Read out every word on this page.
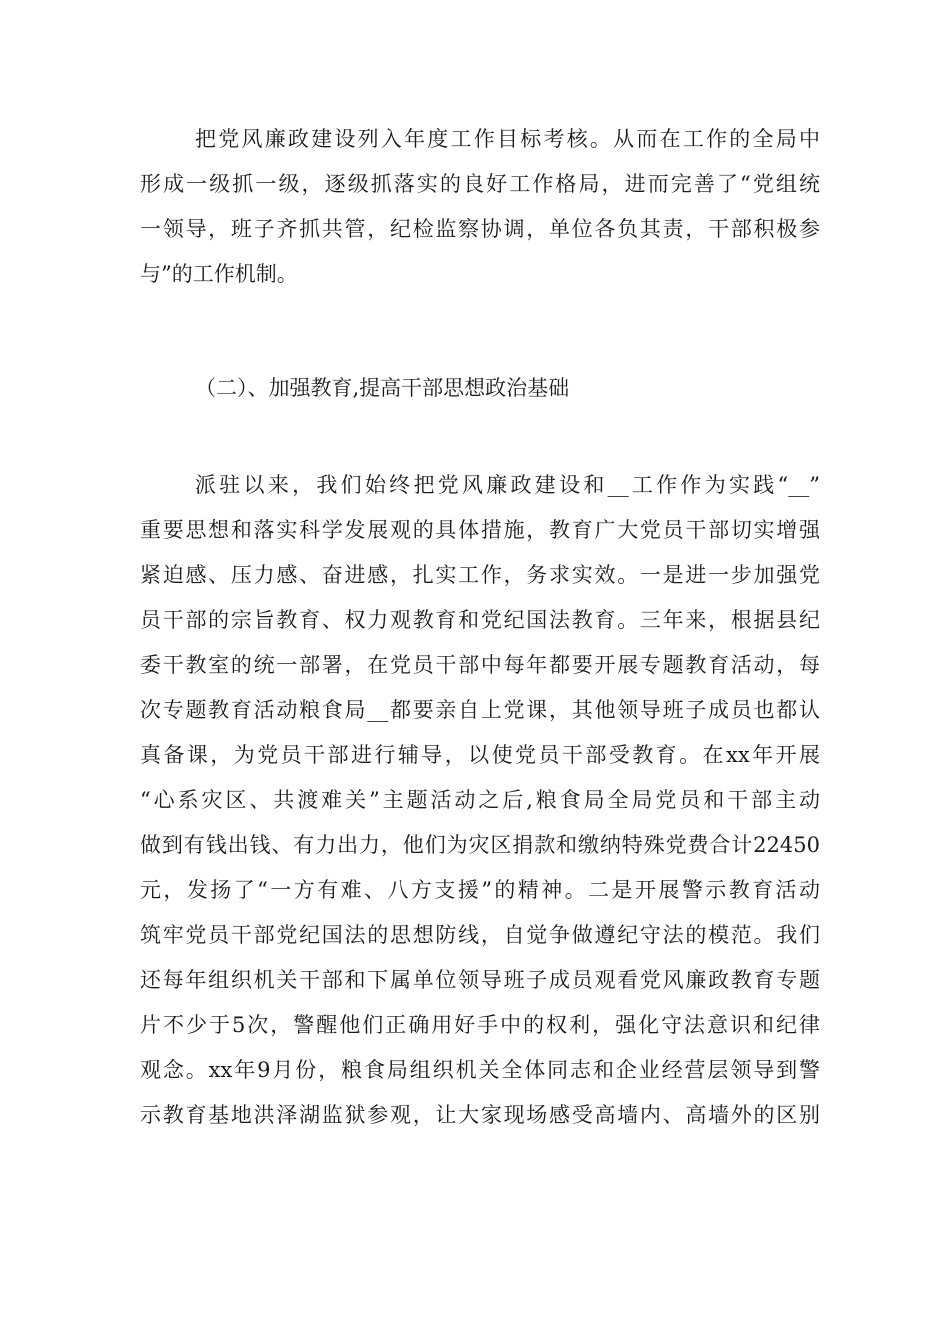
把党风廉政建设列入年度工作目标考核。从而在工作的全局中
形成一级抓一级，逐级抓落实的良好工作格局，进而完善了“党组统
一领导，班子齐抓共管，纪检监察协调，单位各负其责，干部积极参
与”的工作机制。
（二）、加强教育,提高干部思想政治基础
派驻以来，我们始终把党风廉政建设和__工作作为实践“__”
重要思想和落实科学发展观的具体措施，教育广大党员干部切实增强
紧迫感、压力感、奋进感，扎实工作，务求实效。一是进一步加强党
员干部的宗旨教育、权力观教育和党纪国法教育。三年来，根据县纪
委干教室的统一部署，在党员干部中每年都要开展专题教育活动，每
次专题教育活动粮食局__都要亲自上党课，其他领导班子成员也都认
真备课，为党员干部进行辅导，以使党员干部受教育。在xx年开展
“心系灾区、共渡难关”主题活动之后,粮食局全局党员和干部主动
做到有钱出钱、有力出力，他们为灾区捐款和缴纳特殊党费合计22450
元，发扬了“一方有难、八方支援”的精神。二是开展警示教育活动
筑牢党员干部党纪国法的思想防线，自觉争做遵纪守法的模范。我们
还每年组织机关干部和下属单位领导班子成员观看党风廉政教育专题
片不少于5次，警醒他们正确用好手中的权利，强化守法意识和纪律
观念。xx年9月份，粮食局组织机关全体同志和企业经营层领导到警
示教育基地洪泽湖监狱参观，让大家现场感受高墙内、高墙外的区别
